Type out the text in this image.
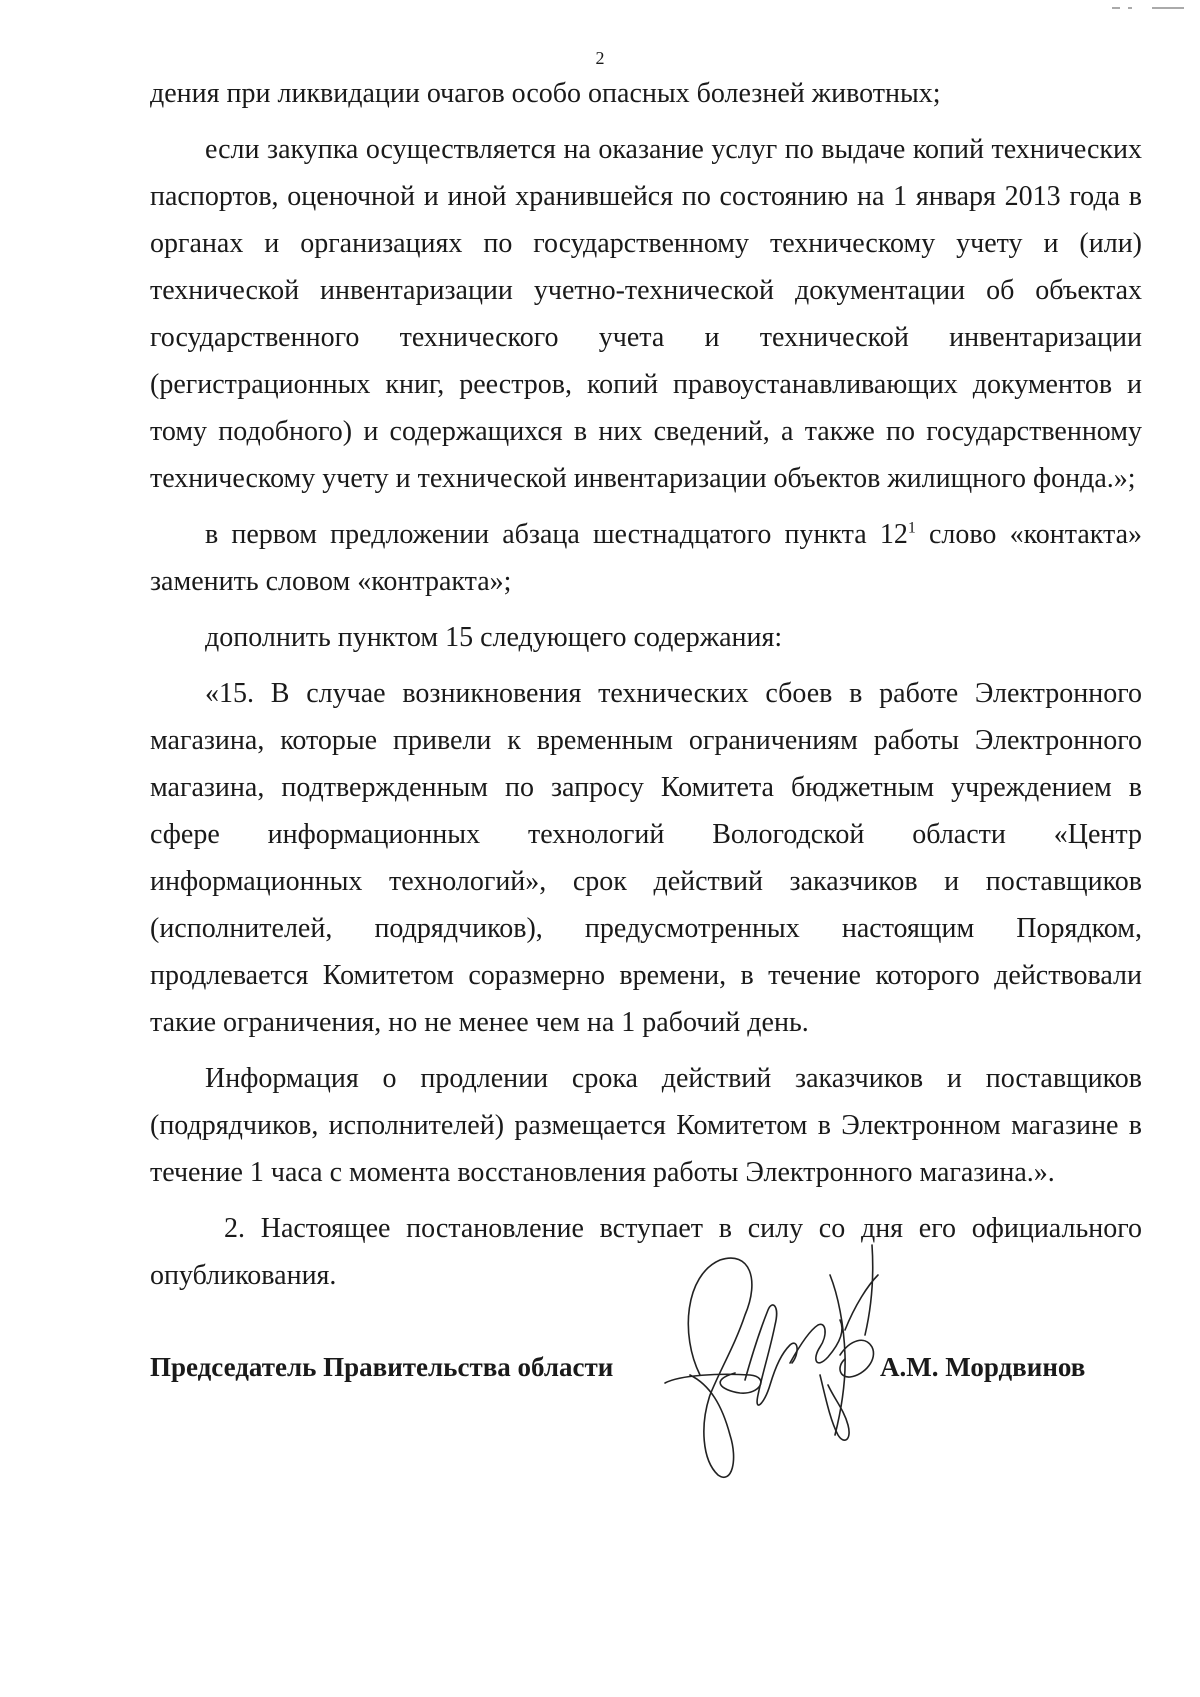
2

дения при ликвидации очагов особо опасных болезней животных;

если закупка осуществляется на оказание услуг по выдаче копий технических паспортов, оценочной и иной хранившейся по состоянию на 1 января 2013 года в органах и организациях по государственному техническому учету и (или) технической инвентаризации учетно-технической документации об объектах государственного технического учета и технической инвентаризации (регистрационных книг, реестров, копий правоустанавливающих документов и тому подобного) и содержащихся в них сведений, а также по государственному техническому учету и технической инвентаризации объектов жилищного фонда.»;

в первом предложении абзаца шестнадцатого пункта $12^1$ слово «контакта» заменить словом «контракта»;

дополнить пунктом 15 следующего содержания:

«15. В случае возникновения технических сбоев в работе Электронного магазина, которые привели к временным ограничениям работы Электронного магазина, подтвержденным по запросу Комитета бюджетным учреждением в сфере информационных технологий Вологодской области «Центр информационных технологий», срок действий заказчиков и поставщиков (исполнителей, подрядчиков), предусмотренных настоящим Порядком, продлевается Комитетом соразмерно времени, в течение которого действовали такие ограничения, но не менее чем на 1 рабочий день.

Информация о продлении срока действий заказчиков и поставщиков (подрядчиков, исполнителей) размещается Комитетом в Электронном магазине в течение 1 часа с момента восстановления работы Электронного магазина.».

2. Настоящее постановление вступает в силу со дня его официального опубликования.

Председатель Правительства области	А.М. Мордвинов
